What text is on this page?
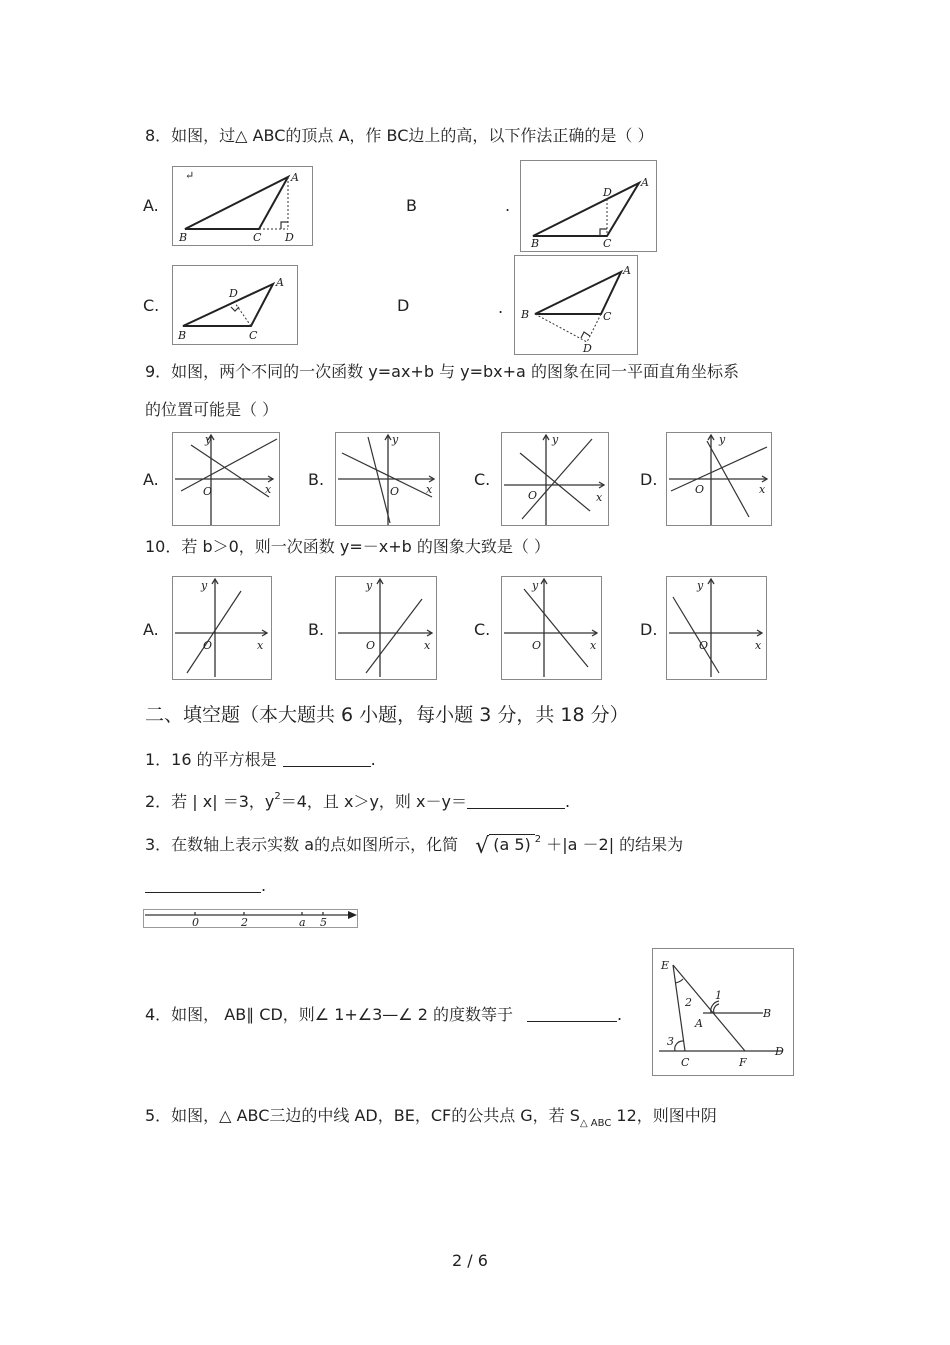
8．如图，过△ ABC的顶点 A，作 BC边上的高，以下作法正确的是（ ）
A.
↵	A
B	C D
B	.
A
D
B	C
C.
A
D
B	C
D	.
A
B	C
D
9．如图，两个不同的一次函数 y=ax+b 与 y=bx+a 的图象在同一平面直角坐标系
的位置可能是（ ）
A.
y
O	x
B.
y
O x
C.
y
O	x
D.
y
O	x
10．若 b＞0，则一次函数 y=－x+b 的图象大致是（ ）
A.
y
O	x
B.
y
O	x
C.
y
O	x
D.
y
O	x
二、填空题（本大题共 6 小题，每小题 3 分，共 18 分）
1．16 的平方根是	.
2．若 | x| ＝3，$y^2=4$，且 x＞y，则 x－y＝	.
3．在数轴上表示实数 a的点如图所示，化简 √ (a 5) $^2$ ＋|a －2| 的结果为
.
0	2	a 5
4．如图， AB∥ CD，则∠ 1+∠3—∠ 2 的度数等于	.
E
1
2
A
B
3
C	F
D
5．如图，△ ABC三边的中线 AD，BE，CF的公共点 G，若 $S_{\triangle ABC}$ 12，则图中阴
2 / 6
